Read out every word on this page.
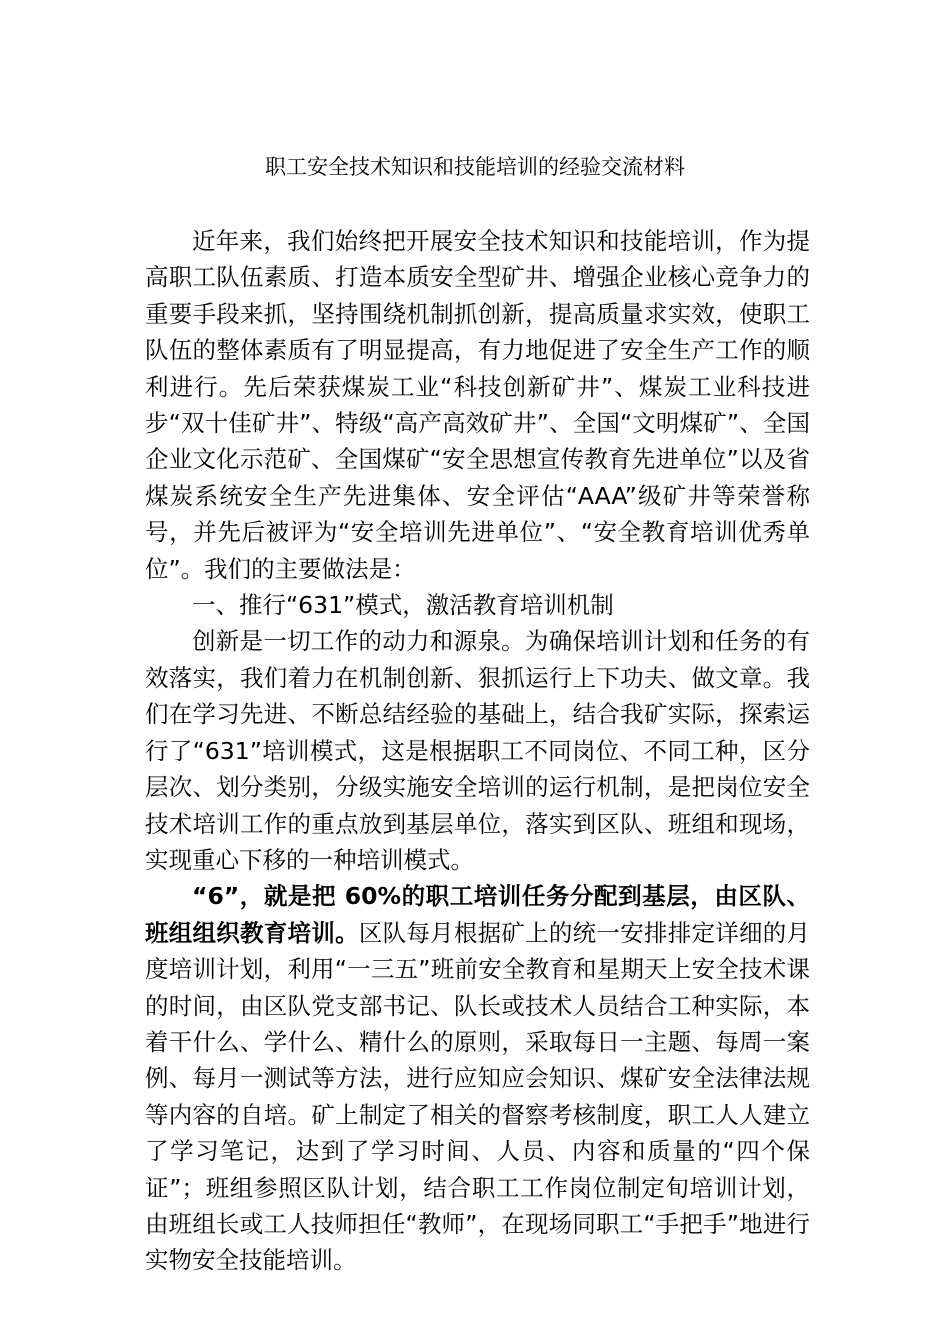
职工安全技术知识和技能培训的经验交流材料

近年来，我们始终把开展安全技术知识和技能培训，作为提高职工队伍素质、打造本质安全型矿井、增强企业核心竞争力的重要手段来抓，坚持围绕机制抓创新，提高质量求实效，使职工队伍的整体素质有了明显提高，有力地促进了安全生产工作的顺利进行。先后荣获煤炭工业“科技创新矿井”、煤炭工业科技进步“双十佳矿井”、特级“高产高效矿井”、全国“文明煤矿”、全国企业文化示范矿、全国煤矿“安全思想宣传教育先进单位”以及省煤炭系统安全生产先进集体、安全评估“AAA”级矿井等荣誉称号，并先后被评为“安全培训先进单位”、“安全教育培训优秀单位”。我们的主要做法是：

一、推行“631”模式，激活教育培训机制

创新是一切工作的动力和源泉。为确保培训计划和任务的有效落实，我们着力在机制创新、狠抓运行上下功夫、做文章。我们在学习先进、不断总结经验的基础上，结合我矿实际，探索运行了“631”培训模式，这是根据职工不同岗位、不同工种，区分层次、划分类别，分级实施安全培训的运行机制，是把岗位安全技术培训工作的重点放到基层单位，落实到区队、班组和现场，实现重心下移的一种培训模式。

“6”，就是把 60%的职工培训任务分配到基层，由区队、班组组织教育培训。区队每月根据矿上的统一安排排定详细的月度培训计划，利用“一三五”班前安全教育和星期天上安全技术课的时间，由区队党支部书记、队长或技术人员结合工种实际，本着干什么、学什么、精什么的原则，采取每日一主题、每周一案例、每月一测试等方法，进行应知应会知识、煤矿安全法律法规等内容的自培。矿上制定了相关的督察考核制度，职工人人建立了学习笔记，达到了学习时间、人员、内容和质量的“四个保证”；班组参照区队计划，结合职工工作岗位制定旬培训计划，由班组长或工人技师担任“教师”，在现场同职工“手把手”地进行实物安全技能培训。
